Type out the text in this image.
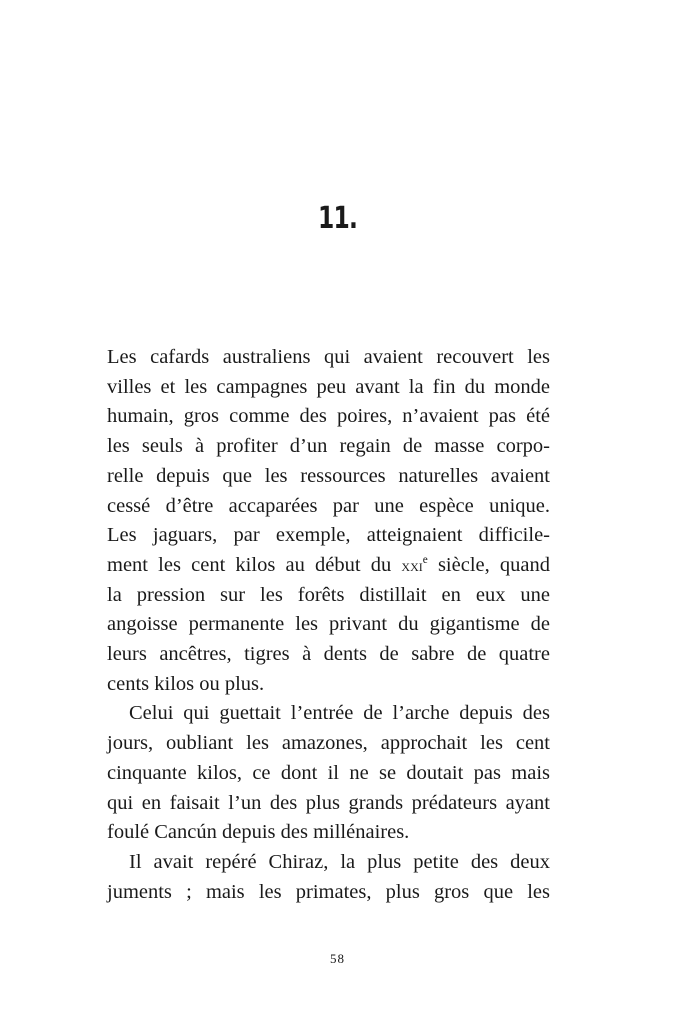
11.
Les cafards australiens qui avaient recouvert les
villes et les campagnes peu avant la fin du monde
humain, gros comme des poires, n’avaient pas été
les seuls à profiter d’un regain de masse corpo-
relle depuis que les ressources naturelles avaient
cessé d’être accaparées par une espèce unique.
Les jaguars, par exemple, atteignaient difficile-
ment les cent kilos au début du xxi$^e$ siècle, quand
la pression sur les forêts distillait en eux une
angoisse permanente les privant du gigantisme de
leurs ancêtres, tigres à dents de sabre de quatre
cents kilos ou plus.
Celui qui guettait l’entrée de l’arche depuis des
jours, oubliant les amazones, approchait les cent
cinquante kilos, ce dont il ne se doutait pas mais
qui en faisait l’un des plus grands prédateurs ayant
foulé Cancún depuis des millénaires.
Il avait repéré Chiraz, la plus petite des deux
juments ; mais les primates, plus gros que les
58
